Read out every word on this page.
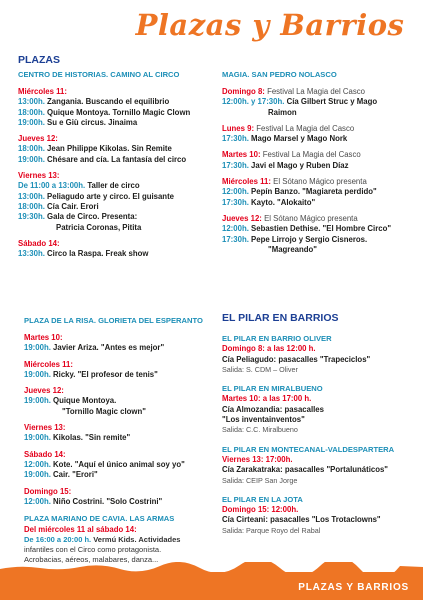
Plazas y Barrios
PLAZAS
CENTRO DE HISTORIAS. CAMINO AL CIRCO
Miércoles 11:
13:00h. Zangania. Buscando el equilibrio
18:00h. Quique Montoya. Tornillo Magic Clown
19:00h. Su e Giù circus. Jinaima
Jueves 12:
18:00h. Jean Philippe Kikolas. Sin Remite
19:00h. Chésare and cía. La fantasía del circo
Viernes 13:
De 11:00 a 13:00h. Taller de circo
13:00h. Peliagudo arte y circo. El guisante
18:00h. Cía Cair. Erori
19:30h. Gala de Circo. Presenta:
Patricia Coronas, Pitita
Sábado 14:
13:30h. Circo la Raspa. Freak show
MAGIA. SAN PEDRO NOLASCO
Domingo 8: Festival La Magia del Casco
12:00h. y 17:30h. Cía Gilbert Struc y Mago
Raimon
Lunes 9: Festival La Magia del Casco
17:30h. Mago Marsel y Mago Nork
Martes 10: Festival La Magia del Casco
17:30h. Javi el Mago y Ruben Díaz
Miércoles 11: El Sótano Mágico presenta
12:00h. Pepín Banzo. "Magiareta perdido"
17:30h. Kayto. "Alokaito"
Jueves 12: El Sótano Mágico presenta
12:00h. Sebastien Dethise. "El Hombre Circo"
17:30h. Pepe Lirrojo y Sergio Cisneros.
"Magreando"
PLAZA DE LA RISA. GLORIETA DEL ESPERANTO
Martes 10:
19:00h. Javier Ariza. "Antes es mejor"
Miércoles 11:
19:00h. Ricky. "El profesor de tenis"
Jueves 12:
19:00h. Quique Montoya.
"Tornillo Magic clown"
Viernes 13:
19:00h. Kikolas. "Sin remite"
Sábado 14:
12:00h. Kote. "Aquí el único animal soy yo"
19:00h. Cair. "Erori"
Domingo 15:
12:00h. Niño Costrini. "Solo Costrini"
PLAZA MARIANO DE CAVIA. LAS ARMAS
Del miércoles 11 al sábado 14:
De 16:00 a 20:00 h. Vermú Kids. Actividades
infantiles con el Circo como protagonista.
Acrobacias, aéreos, malabares, danza...
EL PILAR EN BARRIOS
EL PILAR EN BARRIO OLIVER
Domingo 8: a las 12:00 h.
Cía Peliagudo: pasacalles "Trapeciclos"
Salida: S. CDM – Oliver
EL PILAR EN MIRALBUENO
Martes 10: a las 17:00 h.
Cía Almozandia: pasacalles
"Los inventainventos"
Salida: C.C. Miralbueno
EL PILAR EN MONTECANAL-VALDESPARTERA
Viernes 13: 17:00h.
Cía Zarakatraka: pasacalles "Portalunáticos"
Salida: CEIP San Jorge
EL PILAR EN LA JOTA
Domingo 15: 12:00h.
Cía Cirteani: pasacalles "Los Trotaclowns"
Salida: Parque Royo del Rabal
PLAZAS Y BARRIOS
